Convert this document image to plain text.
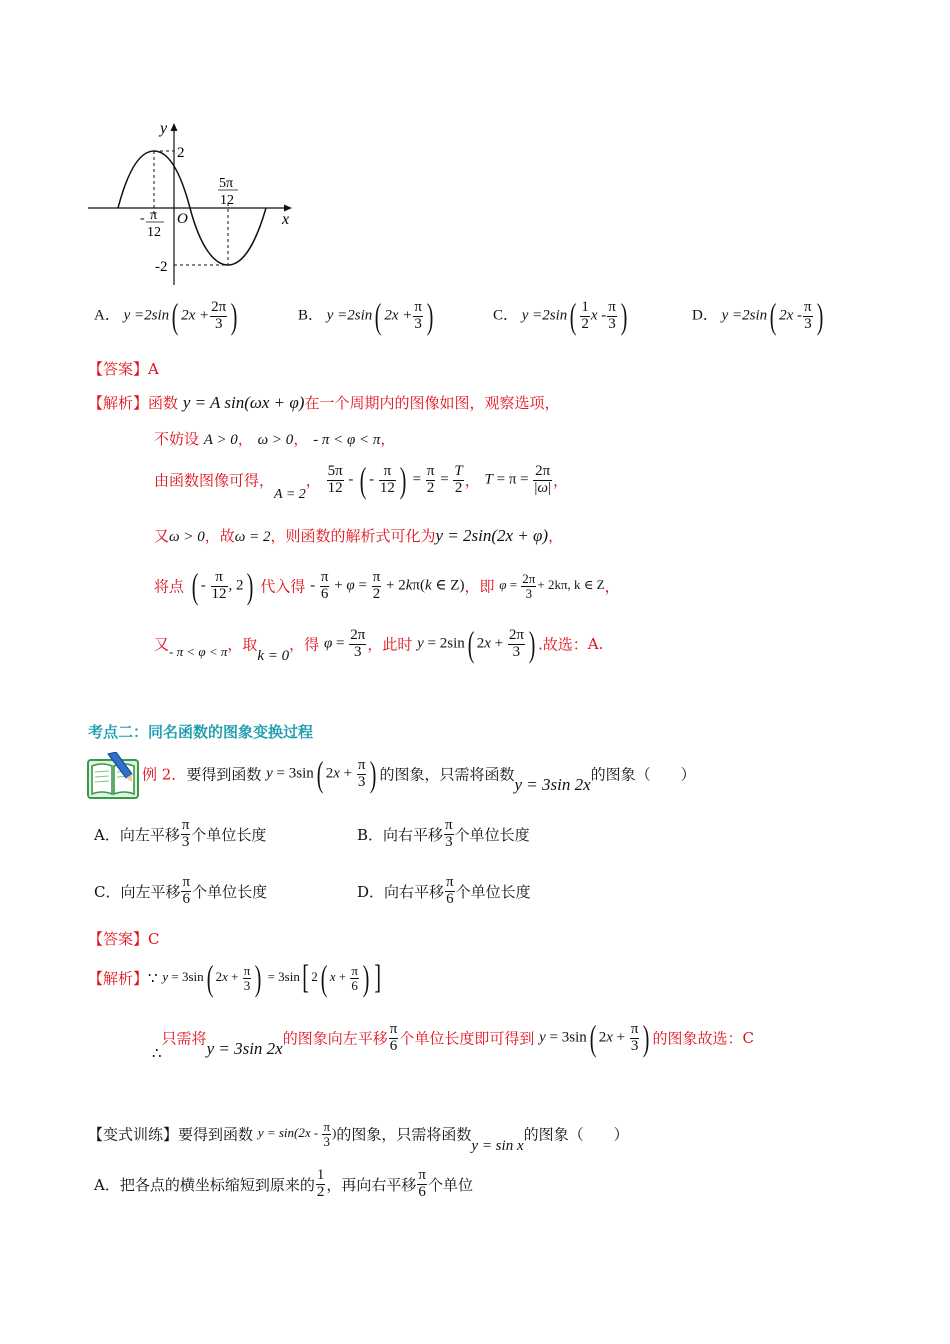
y
x
O
2
-2
- π
12
5π
12
A． y =2sin( $2x + \frac{2\pi}{3}$ )	B． y =2sin( $2x + \frac{\pi}{3}$ )	C． $y =2\sin( \frac{1}{2}$ x - $\frac{\pi}{3}$ )	D． y =2sin( $2x - \frac{\pi}{3}$ )
【答案】A
【解析】函数 y = A sin(ωx + φ)在一个周期内的图像如图，观察选项，
不妨设 A > 0， ω > 0， - π < φ < π，
由函数图像可得，A = 2， $\frac{5\pi}{12}$ - ( - $\frac{\pi}{12}$ ) = $\frac{\pi}{2} = \frac{T}{2}$ ， $T = \pi = \frac{2\pi}{|\omega|}$ ，
又ω > 0，故ω = 2，则函数的解析式可化为y = 2sin(2x + φ)，
将点 ( - $\frac{\pi}{12}$ , 2) 代入得 - $\frac{\pi}{6} + \varphi = \frac{\pi}{2} + 2k\pi(k$ ∈ Z)，即 $\varphi = \frac{2\pi}{3} + 2k\pi$, k ∈ Z，
又- π < φ < π，取k = 0，得 $\varphi = \frac{2\pi}{3}$ ，此时 y = 2sin( $2x + \frac{2\pi}{3}$ ) .故选：A.
考点二：同名函数的图象变换过程
例 2．要得到函数 y = 3sin( $2x + \frac{\pi}{3}$ ) 的图象，只需将函数y = 3sin 2x的图象（　　）
A．向左平移 $\frac{\pi}{3}$ 个单位长度	B．向右平移 $\frac{\pi}{3}$ 个单位长度
C．向左平移 $\frac{\pi}{6}$ 个单位长度	D．向右平移 $\frac{\pi}{6}$ 个单位长度
【答案】C
【解析】∵ y = 3sin( $2x + \frac{\pi}{3}$ ) = 3sin[ 2( $x + \frac{\pi}{6}$ ) ]
∴只需将y = 3sin 2x的图象向左平移 $\frac{\pi}{6}$ 个单位长度即可得到 y = 3sin( $2x + \frac{\pi}{3}$ ) 的图象故选：C
【变式训练】要得到函数 $y = \sin(2x - \frac{\pi}{3}$ )的图象，只需将函数y = sin x的图象（　　）
A．把各点的横坐标缩短到原来的 $\frac{1}{2}$ ，再向右平移 $\frac{\pi}{6}$ 个单位
